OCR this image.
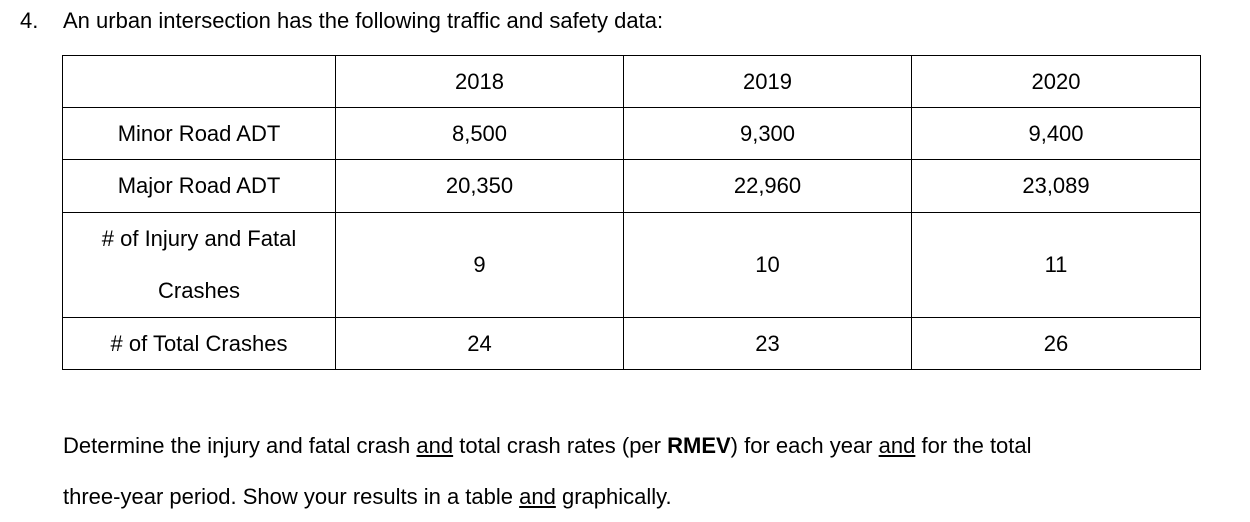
4. An urban intersection has the following traffic and safety data:
	2018	2019	2020
Minor Road ADT	8,500	9,300	9,400
Major Road ADT	20,350	22,960	23,089

# of Injury and Fatal
Crashes	9	10	11
# of Total Crashes	24	23	26
Determine the injury and fatal crash and total crash rates (per RMEV) for each year and for the total
three-year period. Show your results in a table and graphically.
